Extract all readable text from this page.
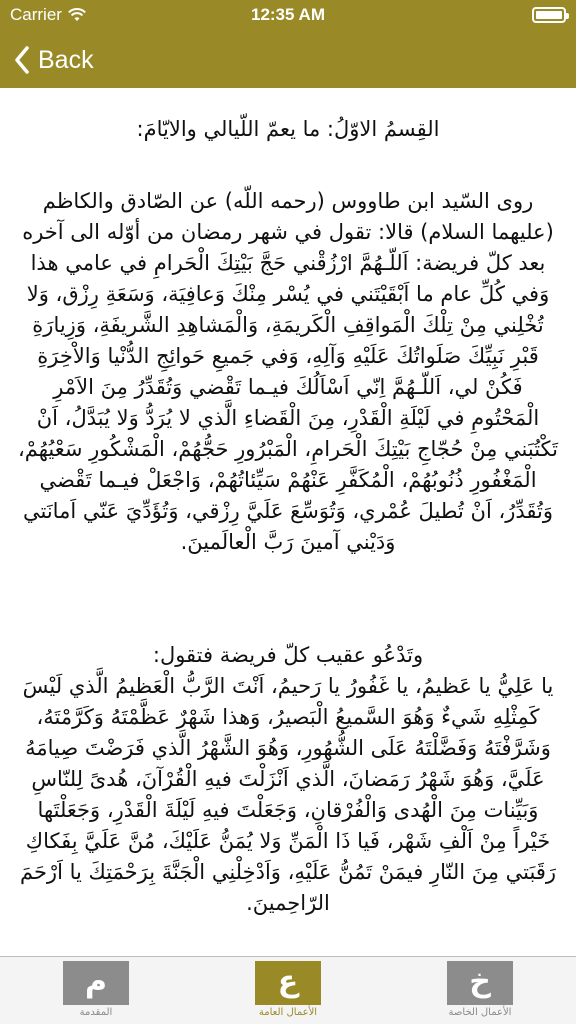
Carrier	12:35 AM
Back

القِسمُ الاوّلُ: ما يعمّ اللّيالي والايّامَ:

روى السّيد ابن طاووس (رحمه اللّه) عن الصّادق والكاظم (عليهما السلام) قالا: تقول في شهر رمضان من أوّله الى آخره بعد كلّ فريضة: اَللّـهُمَّ ارْزُقْني حَجَّ بَيْتِكَ الْحَرامِ في عامي هذا وَفي كُلِّ عام ما اَبْقَيْتَني في يُسْر مِنْكَ وَعافِيَة، وَسَعَةِ رِزْق، وَلا تُخْلِني مِنْ تِلْكَ الْمَواقِفِ الْكَريمَةِ، وَالْمَشاهِدِ الشَّريفَةِ، وَزِيارَةِ قَبْرِ نَبِيِّكَ صَلَواتُكَ عَلَيْهِ وَآلِهِ، وَفي جَميعِ حَوائِجِ الدُّنْيا وَالاْخِرَةِ فَكُنْ لي، اَللّـهُمَّ اِنّي اَسْاَلُكَ فيـما تَقْضي وَتُقَدِّرُ مِنَ الاَمْرِ الْمَحْتُومِ في لَيْلَةِ الْقَدْرِ، مِنَ الْقَضاءِ الَّذي لا يُرَدُّ وَلا يُبَدَّلُ، اَنْ تَكْتُبَني مِنْ حُجّاجِ بَيْتِكَ الْحَرامِ، الْمَبْرُورِ حَجُّهُمْ، الْمَشْكُورِ سَعْيُهُمْ، الْمَغْفُورِ ذُنُوبُهُمْ، الْمُكَفَّرِ عَنْهُمْ سَيِّئاتُهُمْ، وَاجْعَلْ فيـما تَقْضي وَتُقَدِّرُ، اَنْ تُطيلَ عُمْري، وَتُوَسِّعَ عَلَيَّ رِزْقي، وَتُؤَدِّيَ عَنّي اَمانَتي وَدَيْني آمينَ رَبَّ الْعالَمينَ.

وتَدْعُو عقيب كلّ فريضة فتقول:
يا عَلِيُّ يا عَظيمُ، يا غَفُورُ يا رَحيمُ، اَنْتَ الرَّبُّ الْعَظيمُ الَّذي لَيْسَ كَمِثْلِهِ شَيءٌ وَهُوَ السَّميعُ الْبَصيرُ، وَهذا شَهْرٌ عَظَّمْتَهُ وَكَرَّمْتَهُ، وَشَرَّفْتَهُ وَفَضَّلْتَهُ عَلَى الشُّهُورِ، وَهُوَ الشَّهْرُ الَّذي فَرَضْتَ صِيامَهُ عَلَيَّ، وَهُوَ شَهْرُ رَمَضانَ، الَّذي اَنْزَلْتَ فيهِ الْقُرْآنَ، هُدىً لِلنّاسِ وَبَيِّنات مِنَ الْهُدى وَالْفُرْقانِ، وَجَعَلْتَ فيهِ لَيْلَةَ الْقَدْرِ، وَجَعَلْتَها خَيْراً مِنْ اَلْفِ شَهْر، فَيا ذَا الْمَنِّ وَلا يُمَنُّ عَلَيْكَ، مُنَّ عَلَيَّ بِفَكاكِ رَقَبَتي مِنَ النّارِ فيمَنْ تَمُنُّ عَلَيْهِ، وَاَدْخِلْنِي الْجَنَّةَ بِرَحْمَتِكَ يا اَرْحَمَ الرّاحِمينَ.

م
المقدمة
ع
الأعمال العامة
خ
الأعمال الخاصة
